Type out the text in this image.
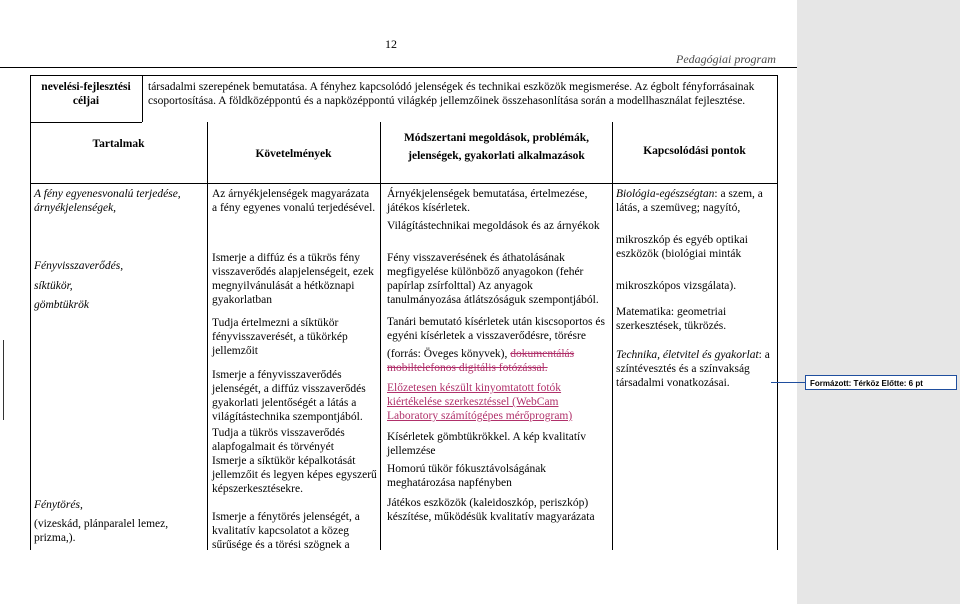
12
Pedagógiai program
nevelési-fejlesztési céljai
társadalmi szerepének bemutatása. A fényhez kapcsolódó jelenségek és technikai eszközök megismerése. Az égbolt fényforrásainak csoportosítása. A földközéppontú és a napközéppontú világkép jellemzőinek összehasonlítása során a modellhasználat fejlesztése.
Tartalmak
Követelmények
Módszertani megoldások, problémák, jelenségek, gyakorlati alkalmazások	Kapcsolódási pontok
A fény egyenesvonalú terjedése, árnyékjelenségek,
Fényvisszaverődés,
síktükör,
gömbtükrök
Fénytörés,
(vizeskád, plánparalel lemez, prizma,).
Az árnyékjelenségek magyarázata a fény egyenes vonalú terjedésével.
Ismerje a diffúz és a tükrös fény visszaverődés alapjelenségeit, ezek megnyilvánulását a hétköznapi gyakorlatban
Tudja értelmezni a síktükör fényvisszaverését, a tükörkép jellemzőit
Ismerje a fényvisszaverődés jelenségét, a diffúz visszaverődés gyakorlati jelentőségét a látás a világítástechnika szempontjából.
Tudja a tükrös visszaverődés alapfogalmait és törvényét
Ismerje a síktükör képalkotását jellemzőit és legyen képes egyszerű képszerkesztésekre.
Ismerje a fénytörés jelenségét, a kvalitatív kapcsolatot a közeg sűrűsége és a törési szögnek a
Árnyékjelenségek bemutatása, értelmezése, játékos kísérletek.
Világítástechnikai megoldások és az árnyékok
Fény visszaverésének és áthatolásának megfigyelése különböző anyagokon (fehér papírlap zsírfolttal) Az anyagok tanulmányozása átlátszóságuk szempontjából.
Tanári bemutató kísérletek után kiscsoportos és egyéni kísérletek a visszaverődésre, törésre
(forrás: Öveges könyvek), dokumentálás mobiltelefonos digitális fotózással.
Előzetesen készült kinyomtatott fotók kiértékelése szerkesztéssel (WebCam Laboratory számítógépes mérőprogram)
Kísérletek gömbtükrökkel. A kép kvalitatív jellemzése
Homorú tükör fókusztávolságának meghatározása napfényben
Játékos eszközök (kaleidoszkóp, periszkóp) készítése, működésük kvalitatív magyarázata
Biológia-egészségtan: a szem, a látás, a szemüveg; nagyító,
mikroszkóp és egyéb optikai eszközök (biológiai minták
mikroszkópos vizsgálata).
Matematika: geometriai szerkesztések, tükrözés.
Technika, életvitel és gyakorlat: a színtévesztés és a színvakság társadalmi vonatkozásai.	Formázott: Térköz Előtte: 6 pt
